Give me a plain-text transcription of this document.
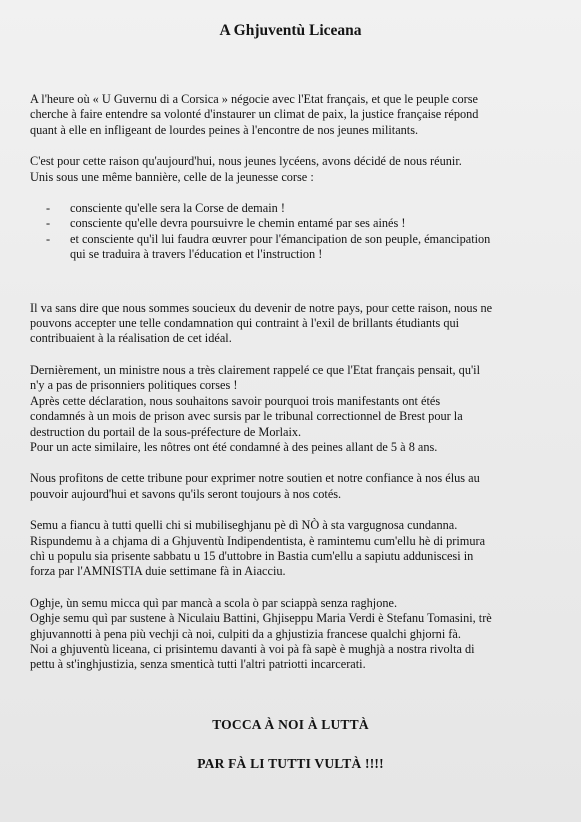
A Ghjuventù Liceana

A l'heure où « U Guvernu di a Corsica » négocie avec l'Etat français, et que le peuple corse
cherche à faire entendre sa volonté d'instaurer un climat de paix, la justice française répond
quant à elle en infligeant de lourdes peines à l'encontre de nos jeunes militants.

C'est pour cette raison qu'aujourd'hui, nous jeunes lycéens, avons décidé de nous réunir.
Unis sous une même bannière, celle de la jeunesse corse :

- consciente qu'elle sera la Corse de demain !
- consciente qu'elle devra poursuivre le chemin entamé par ses ainés !
- et consciente qu'il lui faudra œuvrer pour l'émancipation de son peuple, émancipation
qui se traduira à travers l'éducation et l'instruction !

Il va sans dire que nous sommes soucieux du devenir de notre pays, pour cette raison, nous ne
pouvons accepter une telle condamnation qui contraint à l'exil de brillants étudiants qui
contribuaient à la réalisation de cet idéal.

Dernièrement, un ministre nous a très clairement rappelé ce que l'Etat français pensait, qu'il
n'y a pas de prisonniers politiques corses !
Après cette déclaration, nous souhaitons savoir pourquoi trois manifestants ont étés
condamnés à un mois de prison avec sursis par le tribunal correctionnel de Brest pour la
destruction du portail de la sous-préfecture de Morlaix.
Pour un acte similaire, les nôtres ont été condamné à des peines allant de 5 à 8 ans.

Nous profitons de cette tribune pour exprimer notre soutien et notre confiance à nos élus au
pouvoir aujourd'hui et savons qu'ils seront toujours à nos cotés.

Semu a fiancu à tutti quelli chi si mubiliseghjanu pè dì NÒ à sta vargugnosa cundanna.
Rispundemu à a chjama di a Ghjuventù Indipendentista, è ramintemu cum'ellu hè di primura
chì u populu sia prisente sabbatu u 15 d'uttobre in Bastia cum'ellu a sapiutu adduniscesi in
forza par l'AMNISTIA duie settimane fà in Aiacciu.

Oghje, ùn semu micca quì par mancà a scola ò par sciappà senza raghjone.
Oghje semu quì par sustene à Niculaiu Battini, Ghjiseppu Maria Verdi è Stefanu Tomasini, trè
ghjuvannotti à pena più vechji cà noi, culpiti da a ghjustizia francese qualchi ghjorni fà.
Noi a ghjuventù liceana, ci prisintemu davanti à voi pà fà sapè è mughjà a nostra rivolta di
pettu à st'inghjustizia, senza smenticà tutti l'altri patriotti incarcerati.

TOCCA À NOI À LUTTÀ
PAR FÀ LI TUTTI VULTÀ !!!!
